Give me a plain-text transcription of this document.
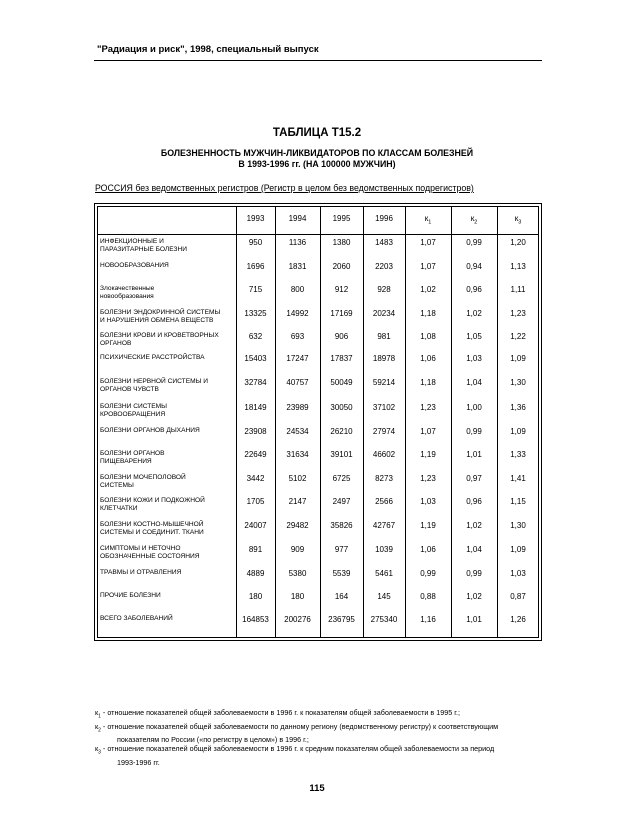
"Радиация и риск", 1998, специальный выпуск
ТАБЛИЦА Т15.2
БОЛЕЗНЕННОСТЬ МУЖЧИН-ЛИКВИДАТОРОВ ПО КЛАССАМ БОЛЕЗНЕЙ
В 1993-1996 гг. (НА 100000 МУЖЧИН)
РОССИЯ без ведомственных регистров (Регистр в целом без ведомственных подрегистров)
1993	1994	1995	1996	$к_1$	$к_2$	$к_3$
ИНФЕКЦИОННЫЕ И
ПАРАЗИТАРНЫЕ БОЛЕЗНИ
950	1136	1380	1483	1,07	0,99	1,20
НОВООБРАЗОВАНИЯ	1696	1831	2060	2203	1,07	0,94	1,13
Злокачественные
новообразования
715	800	912	928	1,02	0,96	1,11
БОЛЕЗНИ ЭНДОКРИННОЙ СИСТЕМЫ
И НАРУШЕНИЯ ОБМЕНА ВЕЩЕСТВ
13325	14992	17169	20234	1,18	1,02	1,23
БОЛЕЗНИ КРОВИ И КРОВЕТВОРНЫХ
ОРГАНОВ
632	693	906	981	1,08	1,05	1,22
ПСИХИЧЕСКИЕ РАССТРОЙСТВА	15403	17247	17837	18978	1,06	1,03	1,09
БОЛЕЗНИ НЕРВНОЙ СИСТЕМЫ И
ОРГАНОВ ЧУВСТВ
32784	40757	50049	59214	1,18	1,04	1,30
БОЛЕЗНИ СИСТЕМЫ
КРОВООБРАЩЕНИЯ
18149	23989	30050	37102	1,23	1,00	1,36
БОЛЕЗНИ ОРГАНОВ ДЫХАНИЯ	23908	24534	26210	27974	1,07	0,99	1,09
БОЛЕЗНИ ОРГАНОВ
ПИЩЕВАРЕНИЯ
22649	31634	39101	46602	1,19	1,01	1,33
БОЛЕЗНИ МОЧЕПОЛОВОЙ
СИСТЕМЫ
3442	5102	6725	8273	1,23	0,97	1,41
БОЛЕЗНИ КОЖИ И ПОДКОЖНОЙ
КЛЕТЧАТКИ
1705	2147	2497	2566	1,03	0,96	1,15
БОЛЕЗНИ КОСТНО-МЫШЕЧНОЙ
СИСТЕМЫ И СОЕДИНИТ. ТКАНИ
24007	29482	35826	42767	1,19	1,02	1,30
СИМПТОМЫ И НЕТОЧНО
ОБОЗНАЧЕННЫЕ СОСТОЯНИЯ
891	909	977	1039	1,06	1,04	1,09
ТРАВМЫ И ОТРАВЛЕНИЯ	4889	5380	5539	5461	0,99	0,99	1,03
ПРОЧИЕ БОЛЕЗНИ	180	180	164	145	0,88	1,02	0,87
ВСЕГО ЗАБОЛЕВАНИЙ	164853	200276	236795	275340	1,16	1,01	1,26
$к_1$ - отношение показателей общей заболеваемости в 1996 г. к показателям общей заболеваемости в 1995 г.;
$к_2$ - отношение показателей общей заболеваемости по данному региону (ведомственному регистру) к соответствующим
показателям по России («по регистру в целом») в 1996 г.;
$к_3$ - отношение показателей общей заболеваемости в 1996 г. к средним показателям общей заболеваемости за период
1993-1996 гг.
115
